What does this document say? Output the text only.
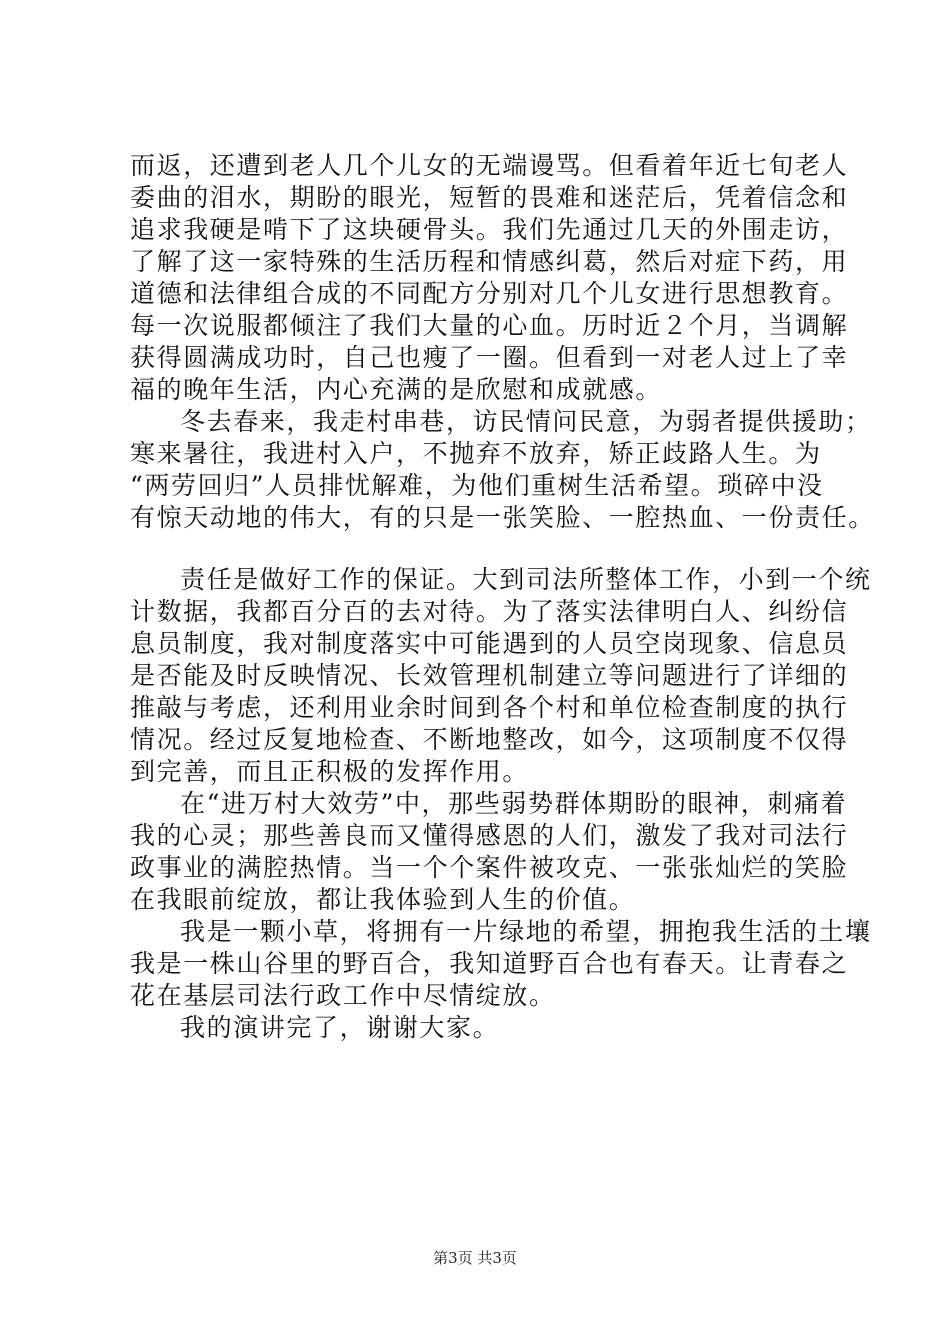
而返，还遭到老人几个儿女的无端谩骂。但看着年近七旬老人
委曲的泪水，期盼的眼光，短暂的畏难和迷茫后，凭着信念和
追求我硬是啃下了这块硬骨头。我们先通过几天的外围走访，
了解了这一家特殊的生活历程和情感纠葛，然后对症下药，用
道德和法律组合成的不同配方分别对几个儿女进行思想教育。
每一次说服都倾注了我们大量的心血。历时近２个月，当调解
获得圆满成功时，自己也瘦了一圈。但看到一对老人过上了幸
福的晚年生活，内心充满的是欣慰和成就感。
冬去春来，我走村串巷，访民情问民意，为弱者提供援助；
寒来暑往，我进村入户，不抛弃不放弃，矫正歧路人生。为
“两劳回归”人员排忧解难，为他们重树生活希望。琐碎中没
有惊天动地的伟大，有的只是一张笑脸、一腔热血、一份责任。
责任是做好工作的保证。大到司法所整体工作，小到一个统
计数据，我都百分百的去对待。为了落实法律明白人、纠纷信
息员制度，我对制度落实中可能遇到的人员空岗现象、信息员
是否能及时反映情况、长效管理机制建立等问题进行了详细的
推敲与考虑，还利用业余时间到各个村和单位检查制度的执行
情况。经过反复地检查、不断地整改，如今，这项制度不仅得
到完善，而且正积极的发挥作用。
在“进万村大效劳”中，那些弱势群体期盼的眼神，刺痛着
我的心灵；那些善良而又懂得感恩的人们，激发了我对司法行
政事业的满腔热情。当一个个案件被攻克、一张张灿烂的笑脸
在我眼前绽放，都让我体验到人生的价值。
我是一颗小草，将拥有一片绿地的希望，拥抱我生活的土壤
我是一株山谷里的野百合，我知道野百合也有春天。让青春之
花在基层司法行政工作中尽情绽放。
我的演讲完了，谢谢大家。
第3页 共3页
